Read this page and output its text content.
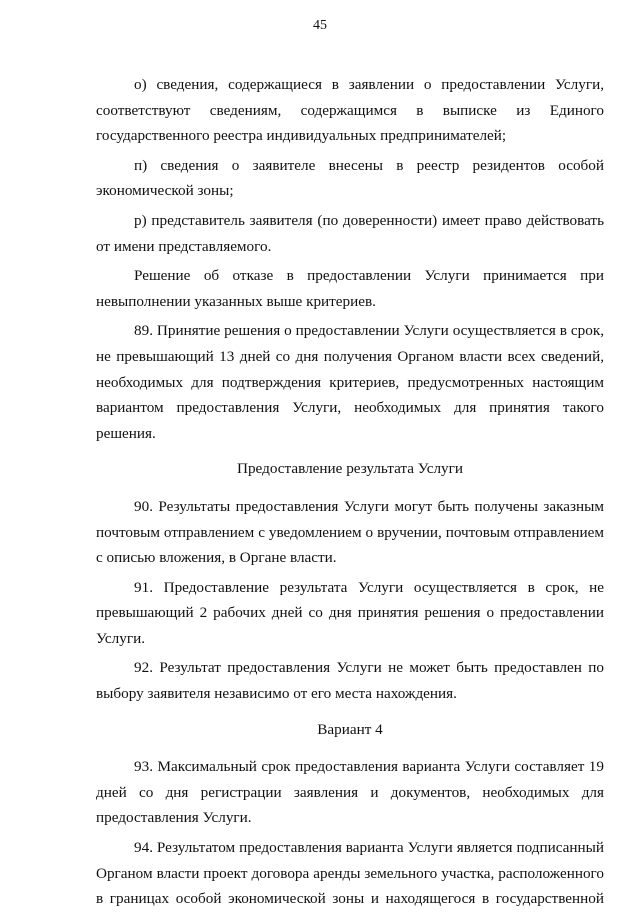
45

о) сведения, содержащиеся в заявлении о предоставлении Услуги, соответствуют сведениям, содержащимся в выписке из Единого государственного реестра индивидуальных предпринимателей;

п) сведения о заявителе внесены в реестр резидентов особой экономической зоны;

р) представитель заявителя (по доверенности) имеет право действовать от имени представляемого.

Решение об отказе в предоставлении Услуги принимается при невыполнении указанных выше критериев.

89. Принятие решения о предоставлении Услуги осуществляется в срок, не превышающий 13 дней со дня получения Органом власти всех сведений, необходимых для подтверждения критериев, предусмотренных настоящим вариантом предоставления Услуги, необходимых для принятия такого решения.

Предоставление результата Услуги

90. Результаты предоставления Услуги могут быть получены заказным почтовым отправлением с уведомлением о вручении, почтовым отправлением с описью вложения, в Органе власти.

91. Предоставление результата Услуги осуществляется в срок, не превышающий 2 рабочих дней со дня принятия решения о предоставлении Услуги.

92. Результат предоставления Услуги не может быть предоставлен по выбору заявителя независимо от его места нахождения.

Вариант 4

93. Максимальный срок предоставления варианта Услуги составляет 19 дней со дня регистрации заявления и документов, необходимых для предоставления Услуги.

94. Результатом предоставления варианта Услуги является подписанный Органом власти проект договора аренды земельного участка, расположенного в границах особой экономической зоны и находящегося в государственной
